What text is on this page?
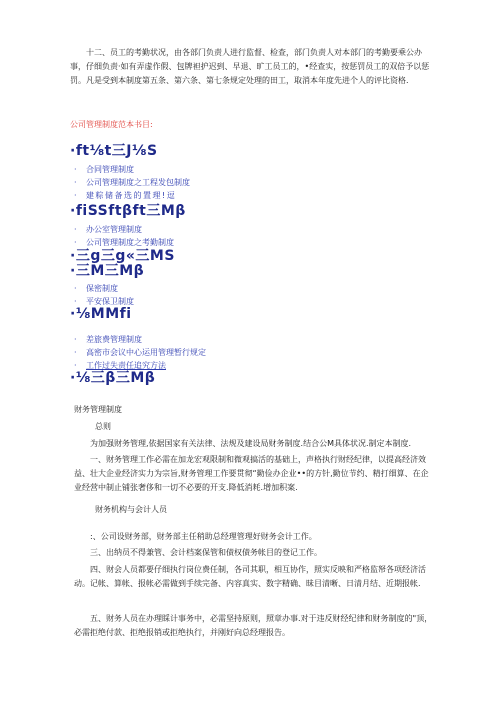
十二、员工的考勤状况，由各部门负责人进行监督、检查，部门负责人对本部门的考勤要乘公办事，仔细负责·如有弄虚作假、包牌袒护迟到、早退、旷工员工的，•经查实，按惩罚员工的双倍予以惩罚。凡是受到本制度第五条、第六条、第七条规定处理的田工，取消本年度先进个人的评比资格.

公司管理制度范本书目:

·ft⅛t三J⅛S
· 合同管理制度
· 公司管理制度之工程发包制度
· 建粽储备选的置理!逗
·fiSSftβft三Mβ
· 办公室管理制度
· 公司管理制度之考勤制度
·三g三g«三MS
·三M三Mβ
· 保密制度
· 平安保卫制度
·⅛MMfi
· 差旅费管理制度
· 高密市会议中心运用管理暂行规定
· 工作过失责任追究方法
·⅛三β三Mβ

财务管理制度

总则

为加强财务管理,依据国家有关法律、法规及建设局财务制度.结合公M具体状况.制定本制度.

一、财务管理工作必需在加龙宏观限制和微观搞活的基础上，声格执行财经纪律，以提高经济效益、壮大企业经济实力为宗旨,财务管理工作要贯彻“勤俭办企业••的方针,勤位节约、精打细算、在企业经营中制止铺张奢侈和一切不必要的开支.降低消耗.增加积案.

财务机构与会计人员

:、公司设财务部，财务部主任稍助总经理管理好财务会计工作。

三、出纳员不得兼管、会计档案保管和债权债务帐目的登记工作。

四、财会人员都要仔细执行岗位费任制，各司其职，相互协作，照实反映和严格监帑各项经济活动。记帐、算帐、报帐必需做到手续完备、内容真实、数字精确、昧目清晰、日清月结、近期报帐.

五、财务人员在办理睬计事务中，必需坚持原则，照章办事.对于违反财经纪律和财务制度的"顶，必需拒绝付款、拒绝报销或拒绝执行，并刚好向总经理报告。
